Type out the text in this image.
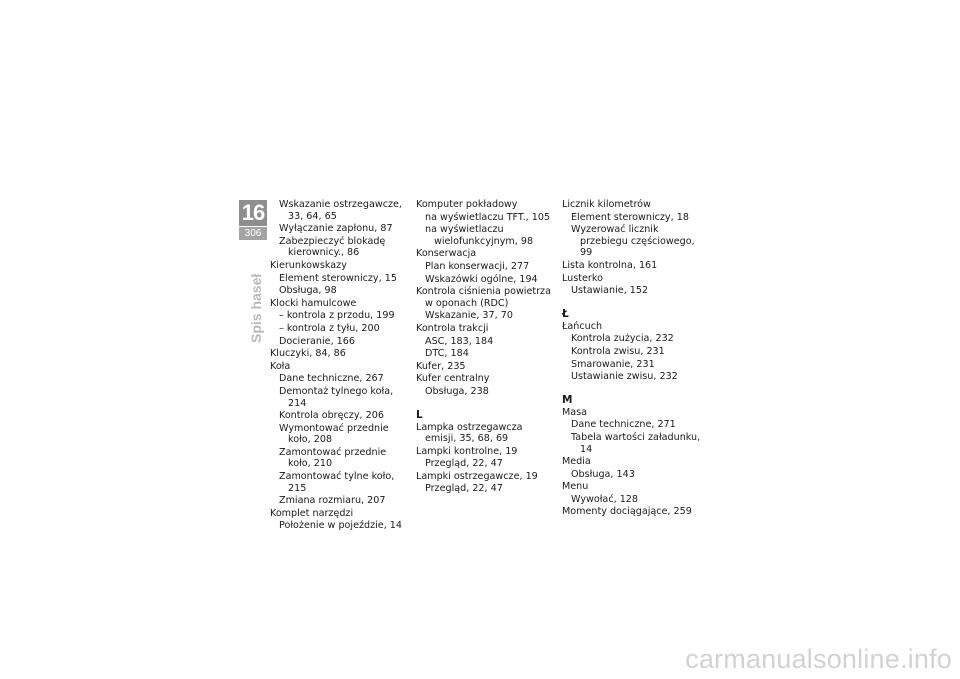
16
306
Spis haseł
Wskazanie ostrzegawcze, 33, 64, 65
Wyłączanie zapłonu, 87
Zabezpieczyć blokadę kierownicy., 86
Kierunkowskazy
Element sterowniczy, 15
Obsługa, 98
Klocki hamulcowe
– kontrola z przodu, 199
– kontrola z tyłu, 200
Docieranie, 166
Kluczyki, 84, 86
Koła
Dane techniczne, 267
Demontaż tylnego koła, 214
Kontrola obręczy, 206
Wymontować przednie koło, 208
Zamontować przednie koło, 210
Zamontować tylne koło, 215
Zmiana rozmiaru, 207
Komplet narzędzi
Położenie w pojeździe, 14
Komputer pokładowy
na wyświetlaczu TFT., 105
na wyświetlaczu wielofunkcyjnym, 98
Konserwacja
Plan konserwacji, 277
Wskazówki ogólne, 194
Kontrola ciśnienia powietrza w oponach (RDC)
Wskazanie, 37, 70
Kontrola trakcji
ASC, 183, 184
DTC, 184
Kufer, 235
Kufer centralny
Obsługa, 238
L
Lampka ostrzegawcza emisji, 35, 68, 69
Lampki kontrolne, 19
Przegląd, 22, 47
Lampki ostrzegawcze, 19
Przegląd, 22, 47
Licznik kilometrów
Element sterowniczy, 18
Wyzerować licznik przebiegu częściowego, 99
Lista kontrolna, 161
Lusterko
Ustawianie, 152
Ł
Łańcuch
Kontrola zużycia, 232
Kontrola zwisu, 231
Smarowanie, 231
Ustawianie zwisu, 232
M
Masa
Dane techniczne, 271
Tabela wartości załadunku, 14
Media
Obsługa, 143
Menu
Wywołać, 128
Momenty dociągające, 259
carmanualsonline.info
